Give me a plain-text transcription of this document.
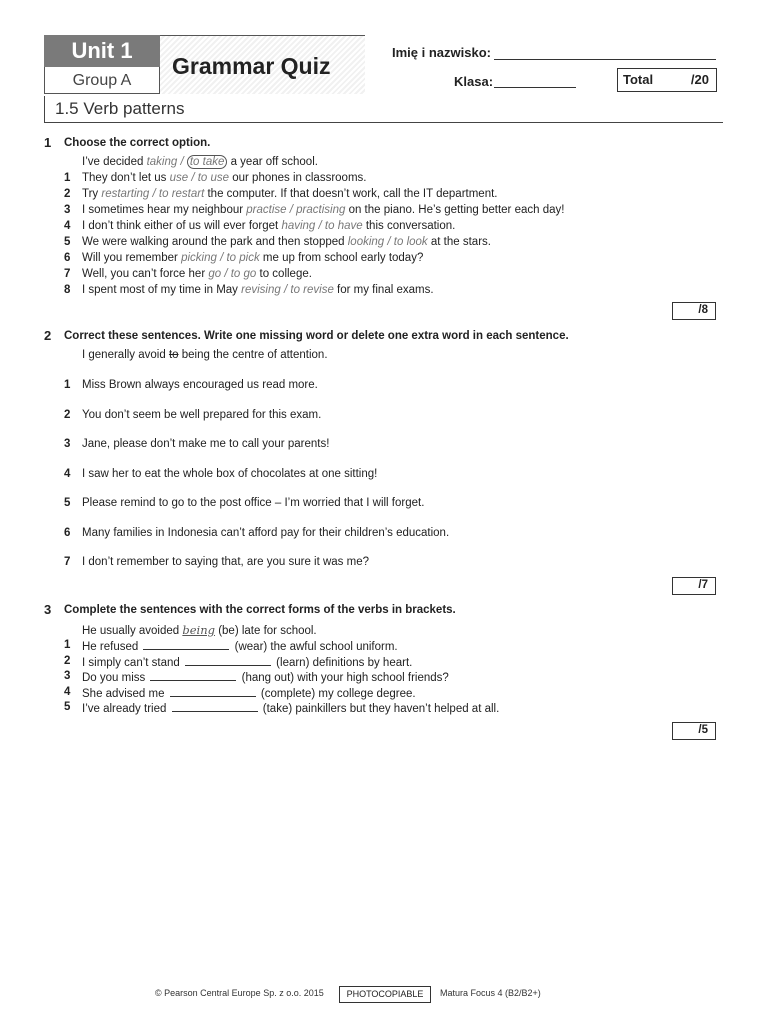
Unit 1
Group A
Grammar Quiz
Imię i nazwisko:
Klasa:	Total	/20
1.5 Verb patterns
1 Choose the correct option.
I’ve decided taking / to take a year off school.
1 They don’t let us use / to use our phones in classrooms.
2 Try restarting / to restart the computer. If that doesn’t work, call the IT department.
3 I sometimes hear my neighbour practise / practising on the piano. He’s getting better each day!
4 I don’t think either of us will ever forget having / to have this conversation.
5 We were walking around the park and then stopped looking / to look at the stars.
6 Will you remember picking / to pick me up from school early today?
7 Well, you can’t force her go / to go to college.
8 I spent most of my time in May revising / to revise for my final exams.
/8
2 Correct these sentences. Write one missing word or delete one extra word in each sentence.
I generally avoid to being the centre of attention.
1 Miss Brown always encouraged us read more.
2 You don’t seem be well prepared for this exam.
3 Jane, please don’t make me to call your parents!
4 I saw her to eat the whole box of chocolates at one sitting!
5 Please remind to go to the post office – I’m worried that I will forget.
6 Many families in Indonesia can’t afford pay for their children’s education.
7 I don’t remember to saying that, are you sure it was me?
/7
3 Complete the sentences with the correct forms of the verbs in brackets.
He usually avoided being (be) late for school.
1 He refused	(wear) the awful school uniform.
2 I simply can’t stand	(learn) definitions by heart.
3 Do you miss	(hang out) with your high school friends?
4 She advised me	(complete) my college degree.
5 I’ve already tried	(take) painkillers but they haven’t helped at all.
/5
© Pearson Central Europe Sp. z o.o. 2015	PHOTOCOPIABLE	Matura Focus 4 (B2/B2+)
